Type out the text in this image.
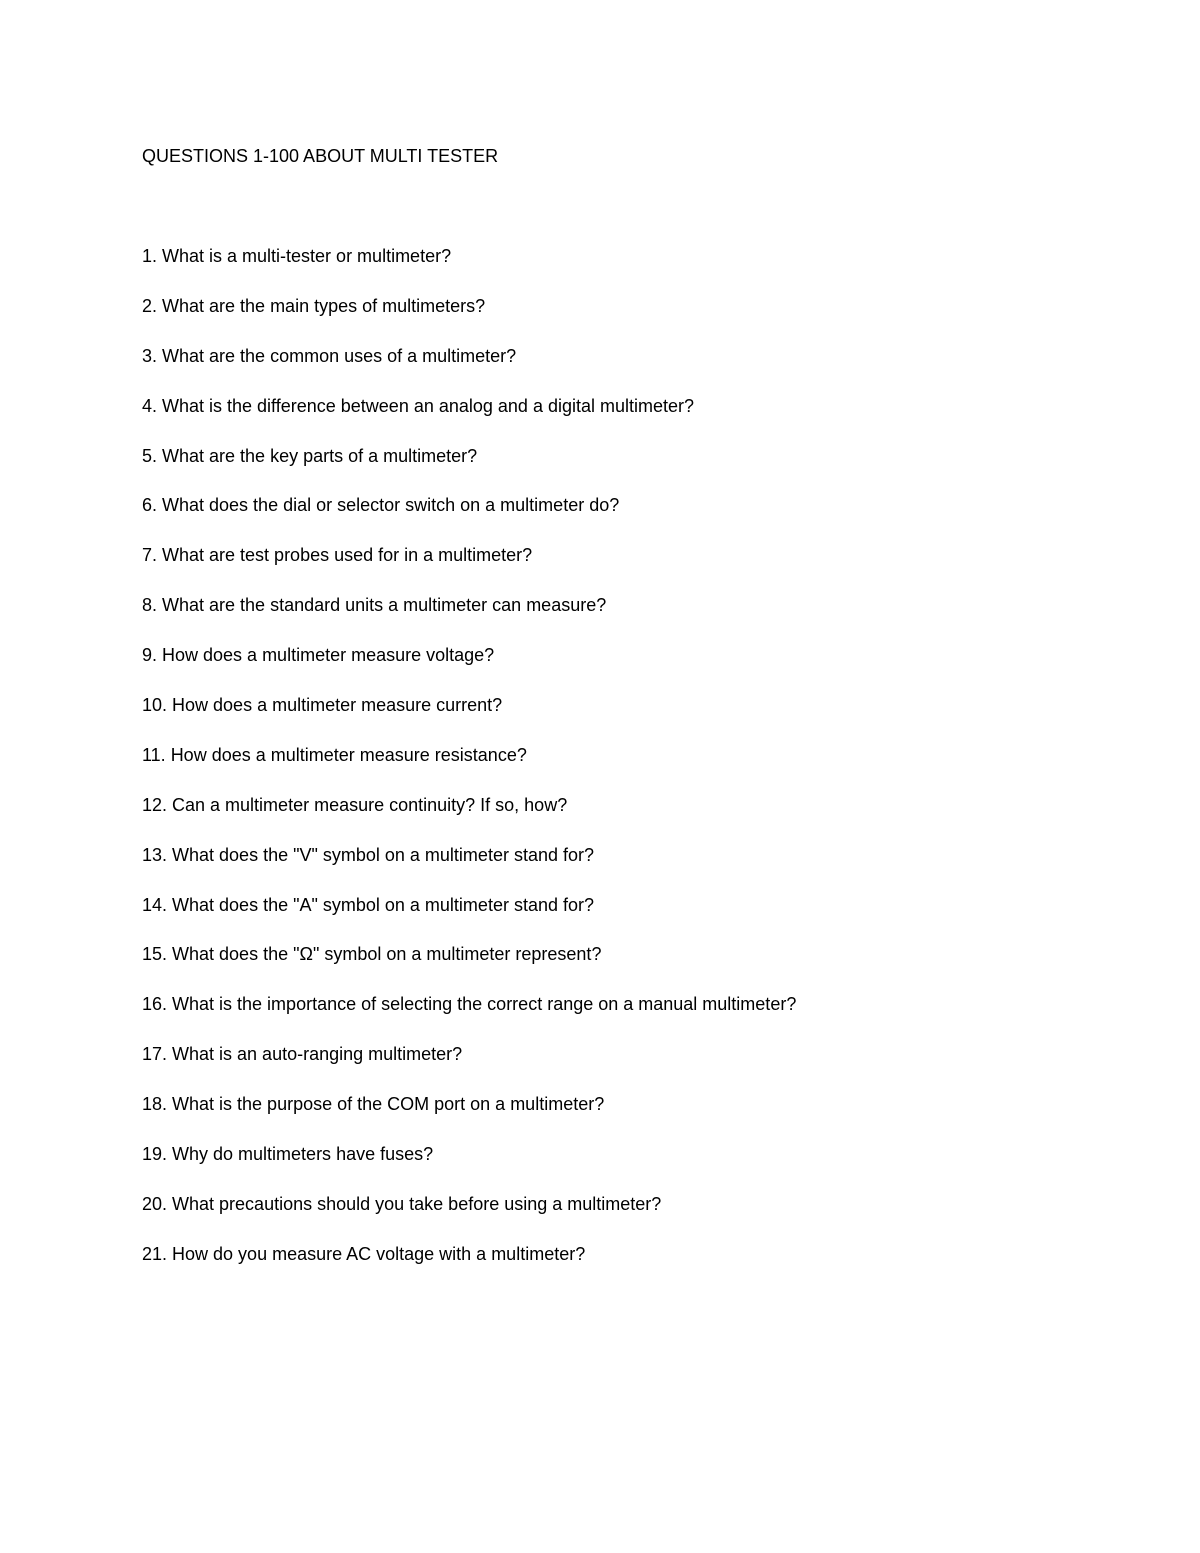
QUESTIONS 1-100 ABOUT MULTI TESTER
1. What is a multi-tester or multimeter?
2. What are the main types of multimeters?
3. What are the common uses of a multimeter?
4. What is the difference between an analog and a digital multimeter?
5. What are the key parts of a multimeter?
6. What does the dial or selector switch on a multimeter do?
7. What are test probes used for in a multimeter?
8. What are the standard units a multimeter can measure?
9. How does a multimeter measure voltage?
10. How does a multimeter measure current?
11. How does a multimeter measure resistance?
12. Can a multimeter measure continuity? If so, how?
13. What does the "V" symbol on a multimeter stand for?
14. What does the "A" symbol on a multimeter stand for?
15. What does the "Ω" symbol on a multimeter represent?
16. What is the importance of selecting the correct range on a manual multimeter?
17. What is an auto-ranging multimeter?
18. What is the purpose of the COM port on a multimeter?
19. Why do multimeters have fuses?
20. What precautions should you take before using a multimeter?
21. How do you measure AC voltage with a multimeter?
